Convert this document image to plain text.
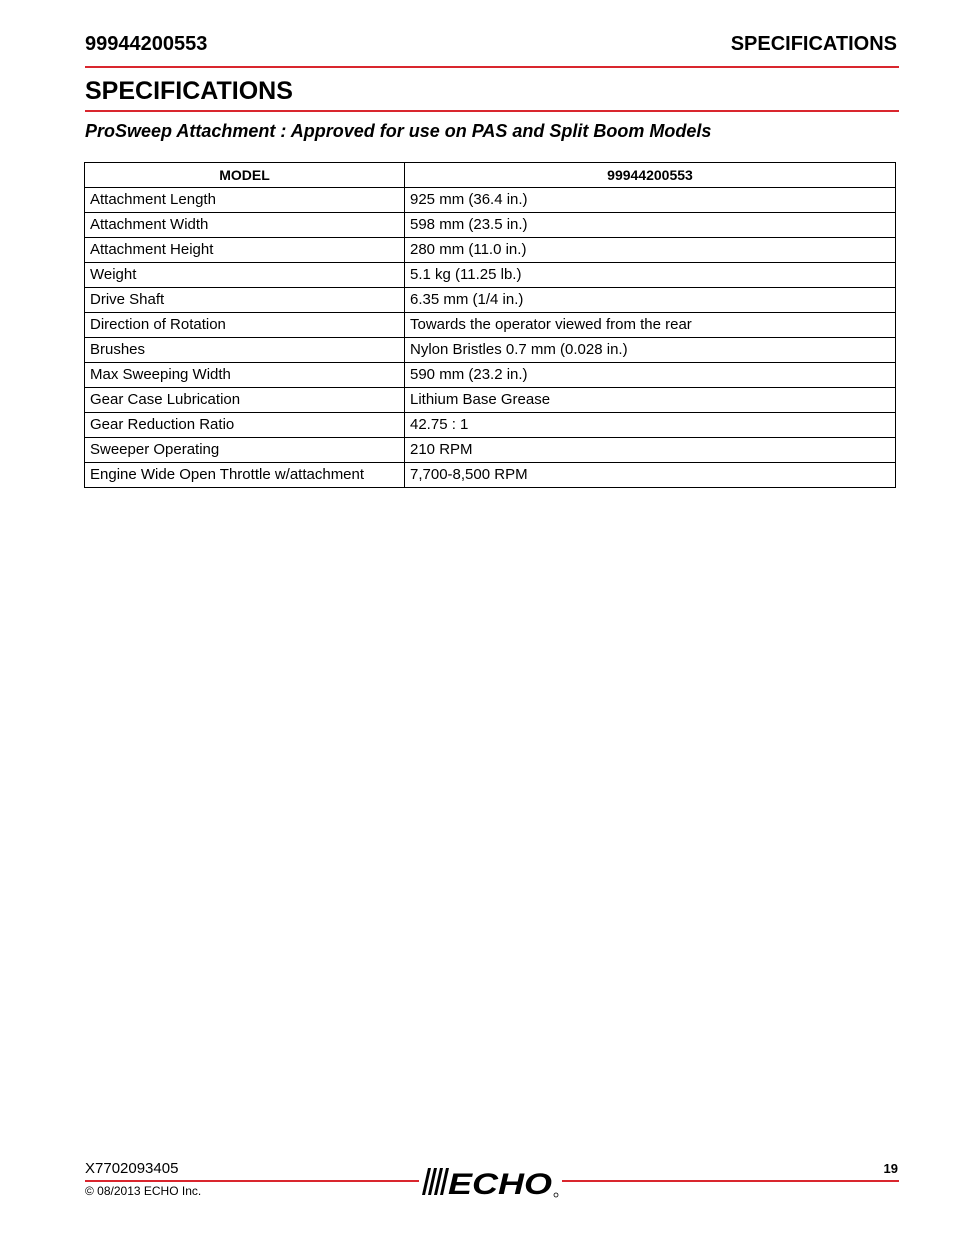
99944200553	SPECIFICATIONS
SPECIFICATIONS
ProSweep Attachment : Approved for use on PAS and Split Boom Models
MODEL	99944200553
Attachment Length	925 mm (36.4 in.)
Attachment Width	598 mm (23.5 in.)
Attachment Height	280 mm (11.0 in.)
Weight	5.1 kg (11.25 lb.)
Drive Shaft	6.35 mm (1/4 in.)
Direction of Rotation	Towards the operator viewed from the rear
Brushes	Nylon Bristles 0.7 mm (0.028 in.)
Max Sweeping Width	590 mm (23.2 in.)
Gear Case Lubrication	Lithium Base Grease
Gear Reduction Ratio	42.75 : 1
Sweeper Operating	210 RPM
Engine Wide Open Throttle w/attachment	7,700-8,500 RPM
X7702093405	19
© 08/2013 ECHO Inc.	ECHO
